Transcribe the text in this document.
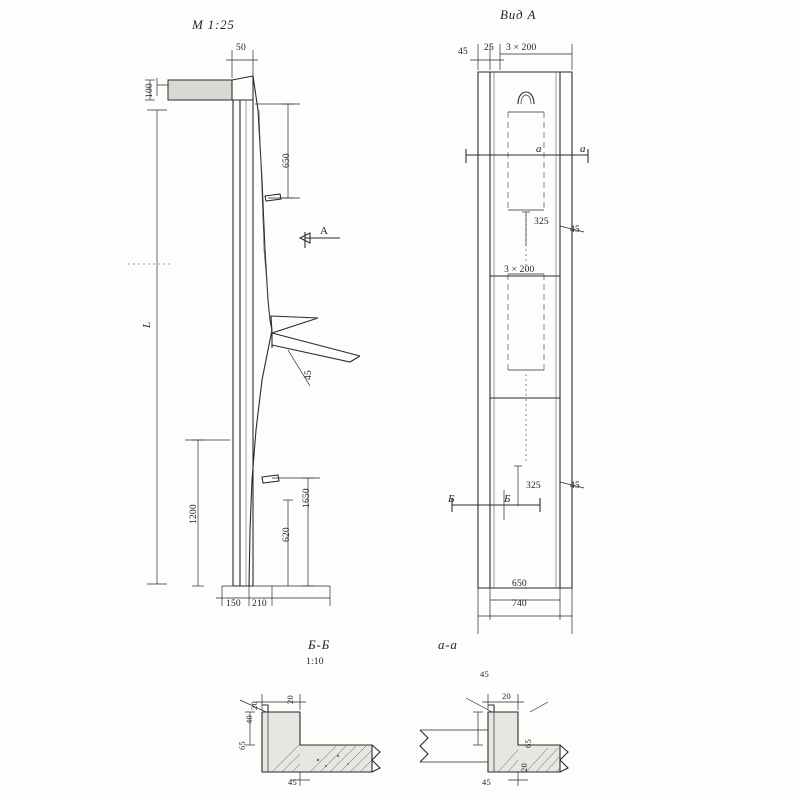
М 1:25
Вид А
Б-Б
1:10
а-а
100
50
650
A
L
45
1200
1650
620
150 210
45 25 3 × 200
а	а
325
45
3 × 200
Б	Б
325	45
650
740
20
20
40
65
45
45
20
65
20
45
